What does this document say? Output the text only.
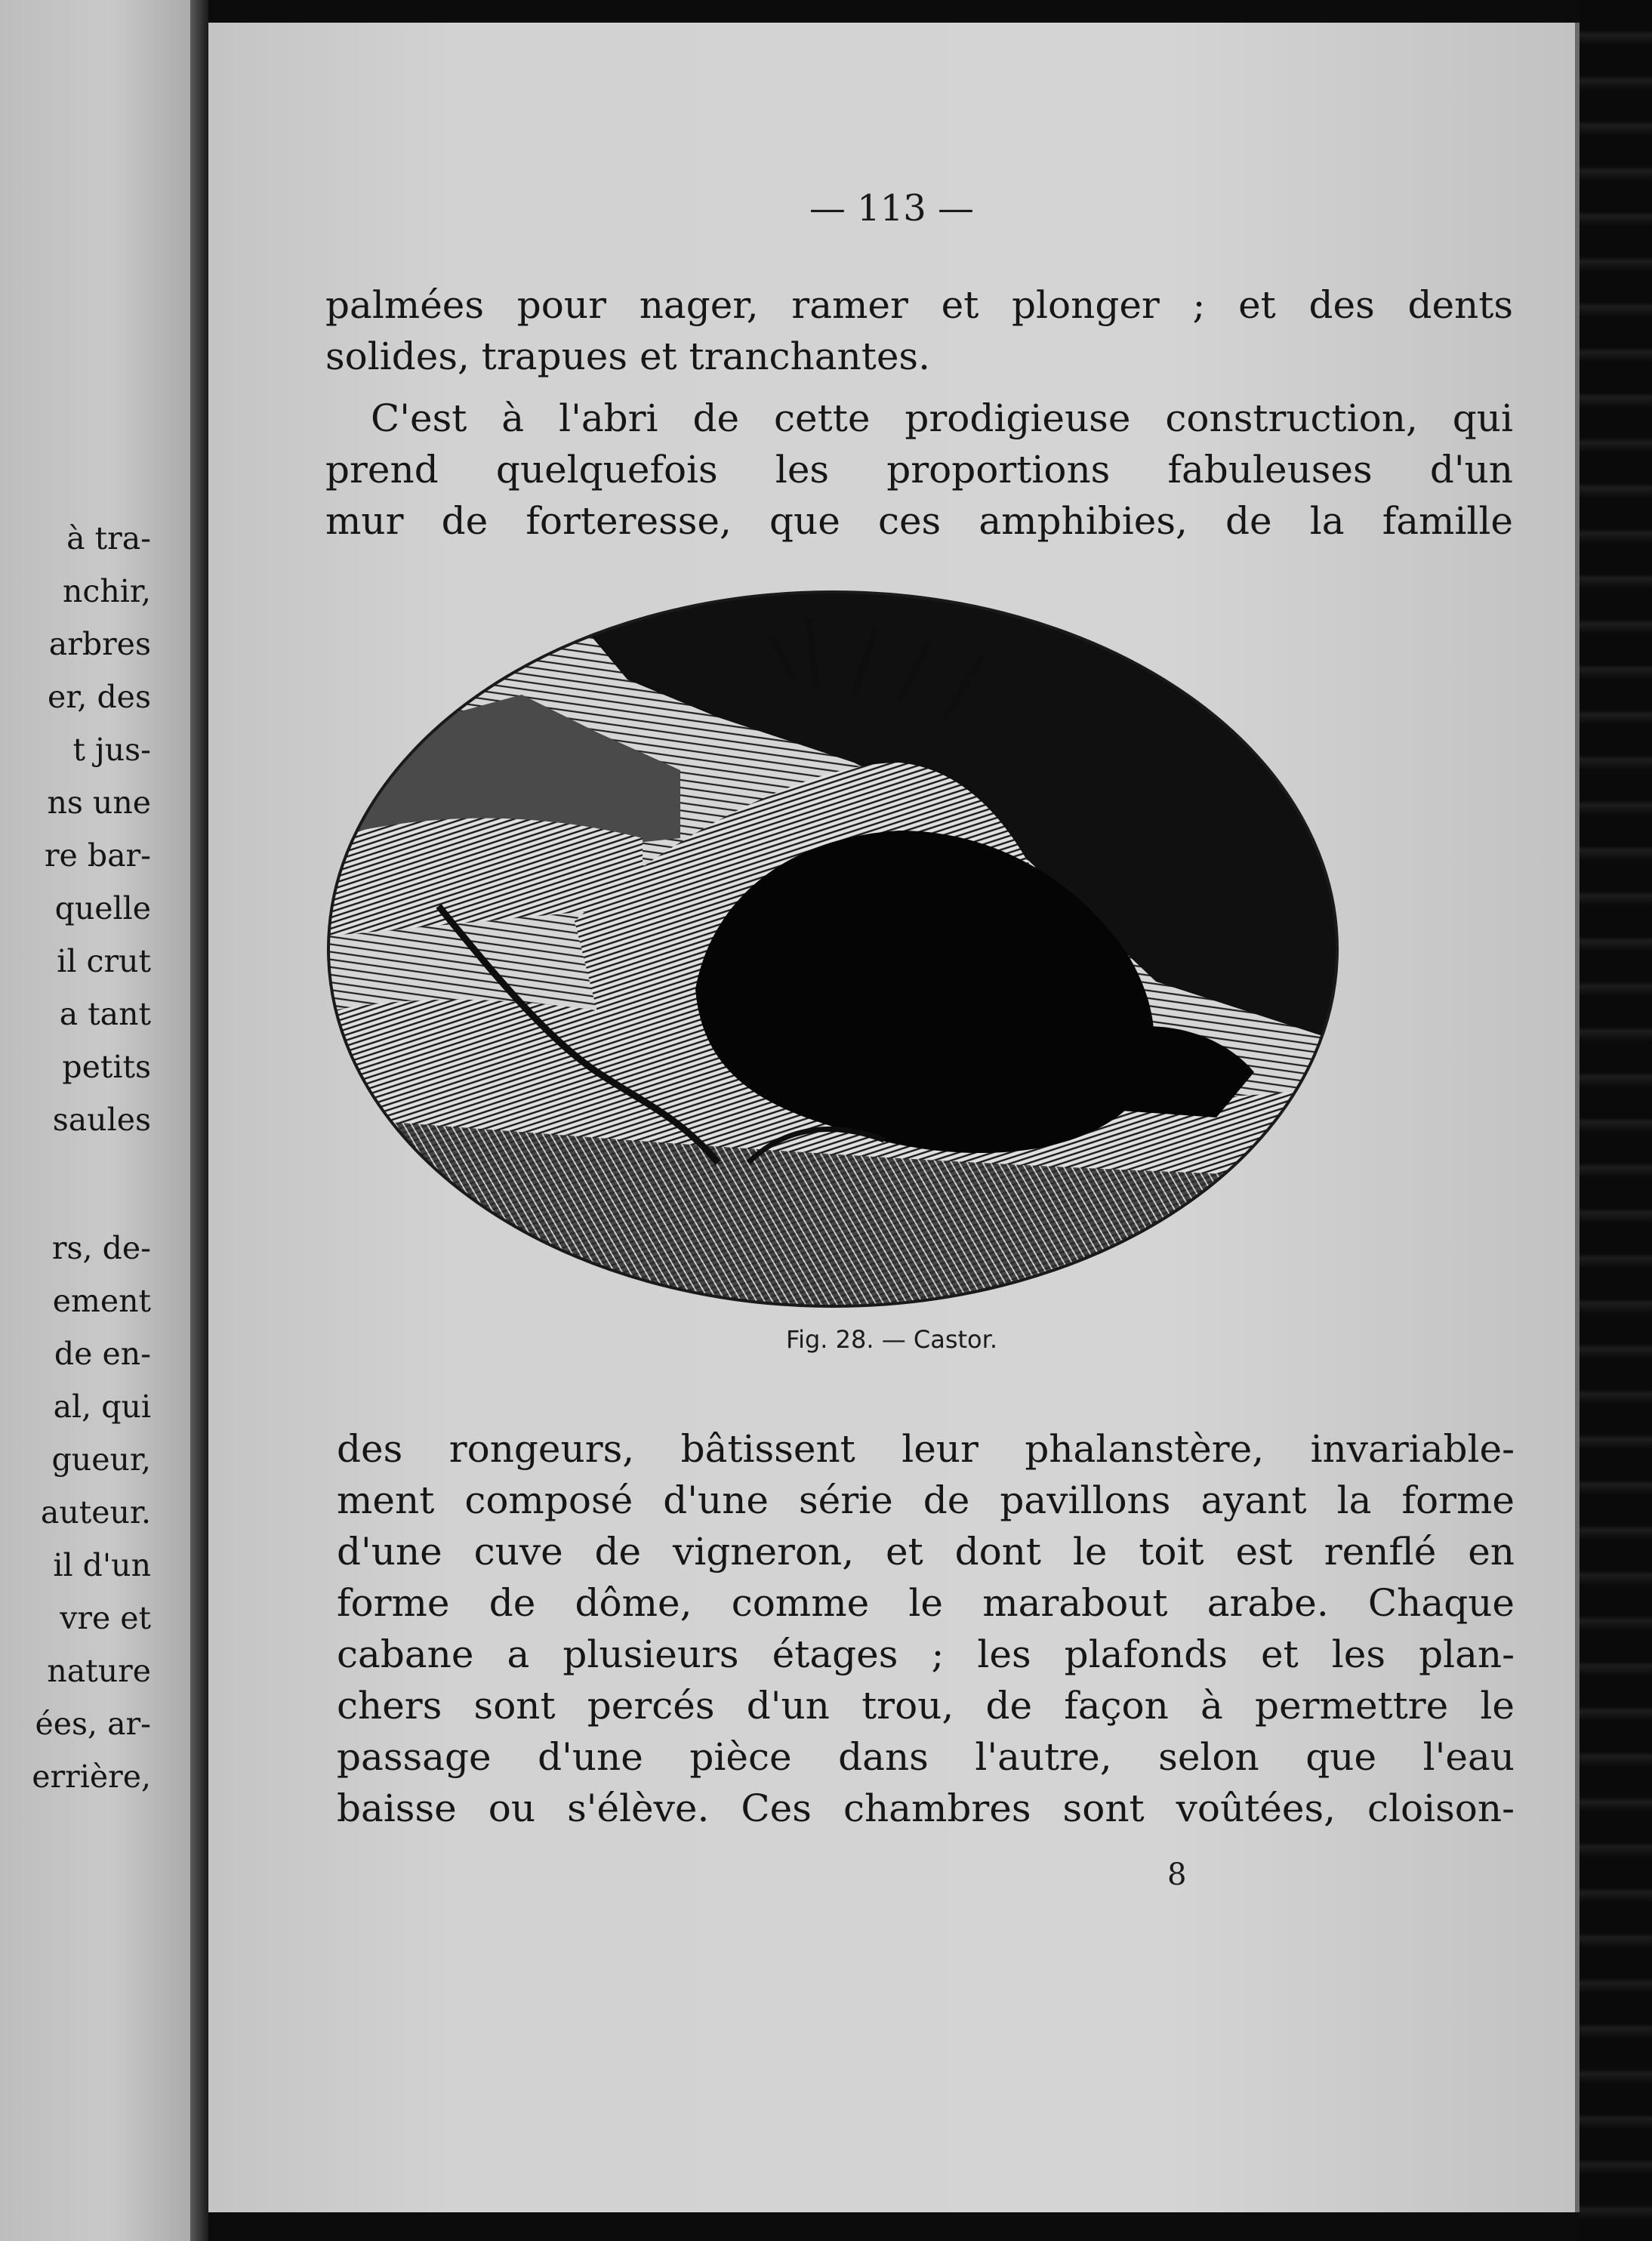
à tra-
nchir,
arbres
er, des
t jus-
ns une
re bar-
quelle
il crut
a tant
petits
saules
rs, de-
ement
de en-
al, qui
gueur,
auteur.
il d'un
vre et
nature
ées, ar-
errière,
— 113 —
palmées pour nager, ramer et plonger ; et des dents
solides, trapues et tranchantes.
C'est à l'abri de cette prodigieuse construction, qui
prend quelquefois les proportions fabuleuses d'un
mur de forteresse, que ces amphibies, de la famille
Fig. 28. — Castor.
des rongeurs, bâtissent leur phalanstère, invariable-
ment composé d'une série de pavillons ayant la forme
d'une cuve de vigneron, et dont le toit est renflé en
forme de dôme, comme le marabout arabe. Chaque
cabane a plusieurs étages ; les plafonds et les plan-
chers sont percés d'un trou, de façon à permettre le
passage d'une pièce dans l'autre, selon que l'eau
baisse ou s'élève. Ces chambres sont voûtées, cloison-
8
